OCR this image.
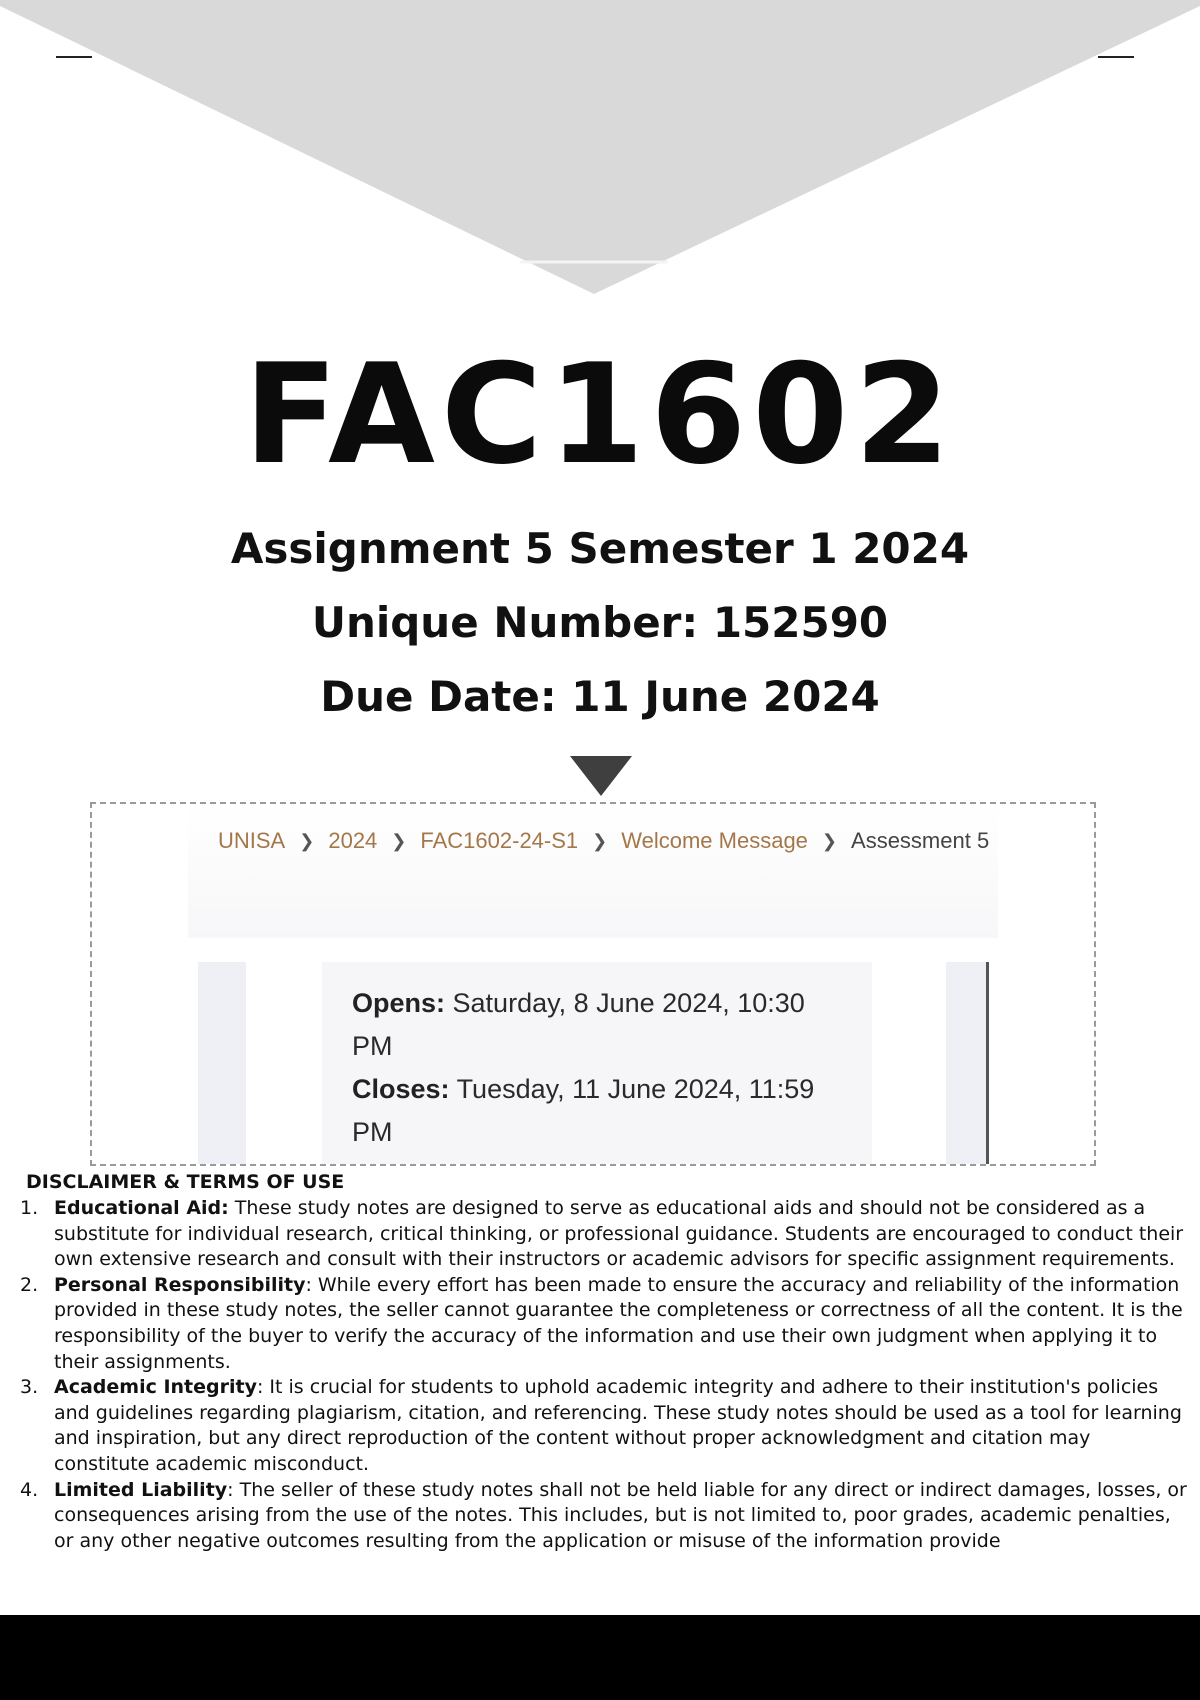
FAC1602

Assignment 5 Semester 1 2024

Unique Number: 152590

Due Date: 11 June 2024

UNISA ❯ 2024 ❯ FAC1602-24-S1 ❯ Welcome Message ❯ Assessment 5

Opens: Saturday, 8 June 2024, 10:30 PM

Closes: Tuesday, 11 June 2024, 11:59 PM

DISCLAIMER & TERMS OF USE
1. Educational Aid: These study notes are designed to serve as educational aids and should not be considered as a substitute for individual research, critical thinking, or professional guidance. Students are encouraged to conduct their own extensive research and consult with their instructors or academic advisors for specific assignment requirements.
2. Personal Responsibility: While every effort has been made to ensure the accuracy and reliability of the information provided in these study notes, the seller cannot guarantee the completeness or correctness of all the content. It is the responsibility of the buyer to verify the accuracy of the information and use their own judgment when applying it to their assignments.
3. Academic Integrity: It is crucial for students to uphold academic integrity and adhere to their institution's policies and guidelines regarding plagiarism, citation, and referencing. These study notes should be used as a tool for learning and inspiration, but any direct reproduction of the content without proper acknowledgment and citation may constitute academic misconduct.
4. Limited Liability: The seller of these study notes shall not be held liable for any direct or indirect damages, losses, or consequences arising from the use of the notes. This includes, but is not limited to, poor grades, academic penalties, or any other negative outcomes resulting from the application or misuse of the information provide
